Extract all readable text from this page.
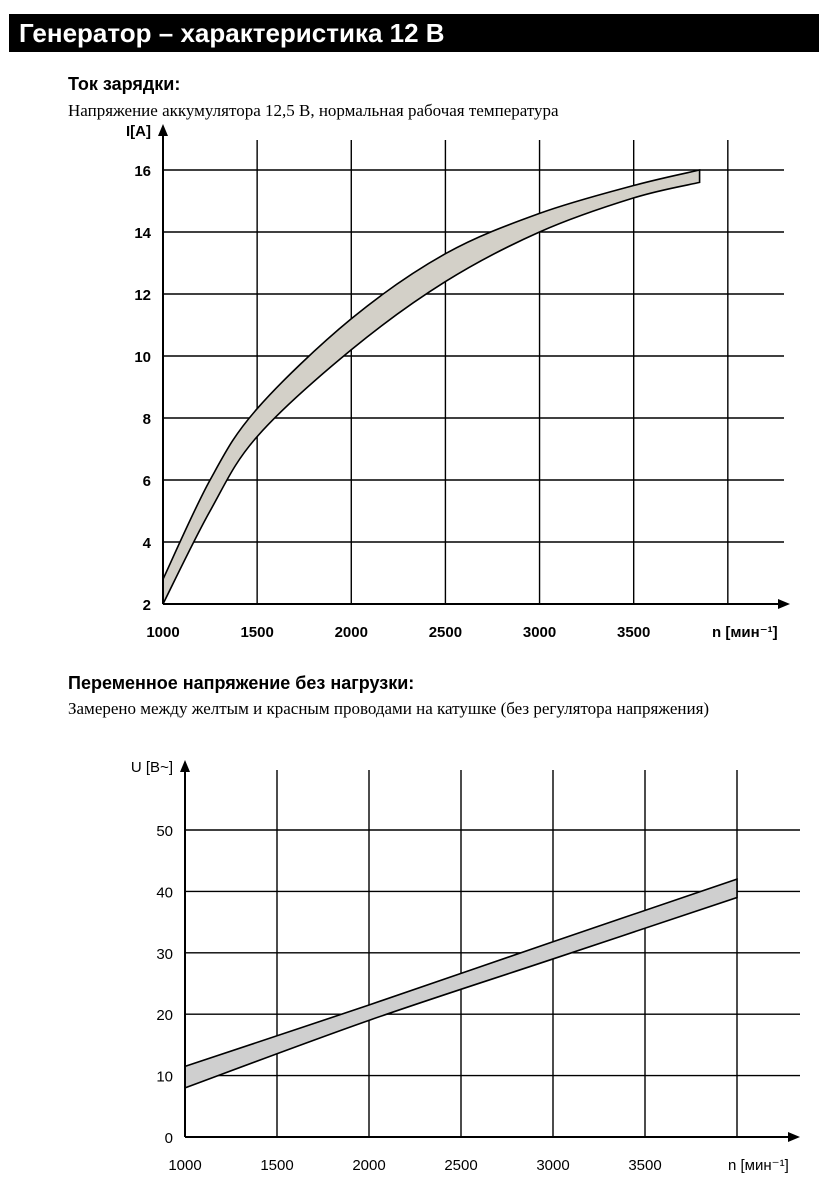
Генератор – характеристика 12 В
Ток зарядки:
Напряжение аккумулятора 12,5 В, нормальная рабочая температура
Переменное напряжение без нагрузки:
Замерено между желтым и красным проводами на катушке (без регулятора напряжения)
2
4
6
8
10
12
14
16
1000	1500	2000	2500	3000	3500
I[A]
n [мин⁻¹]
0
10
20
30
40
50
1000	1500	2000	2500	3000	3500
U [В~]
n [мин⁻¹]
